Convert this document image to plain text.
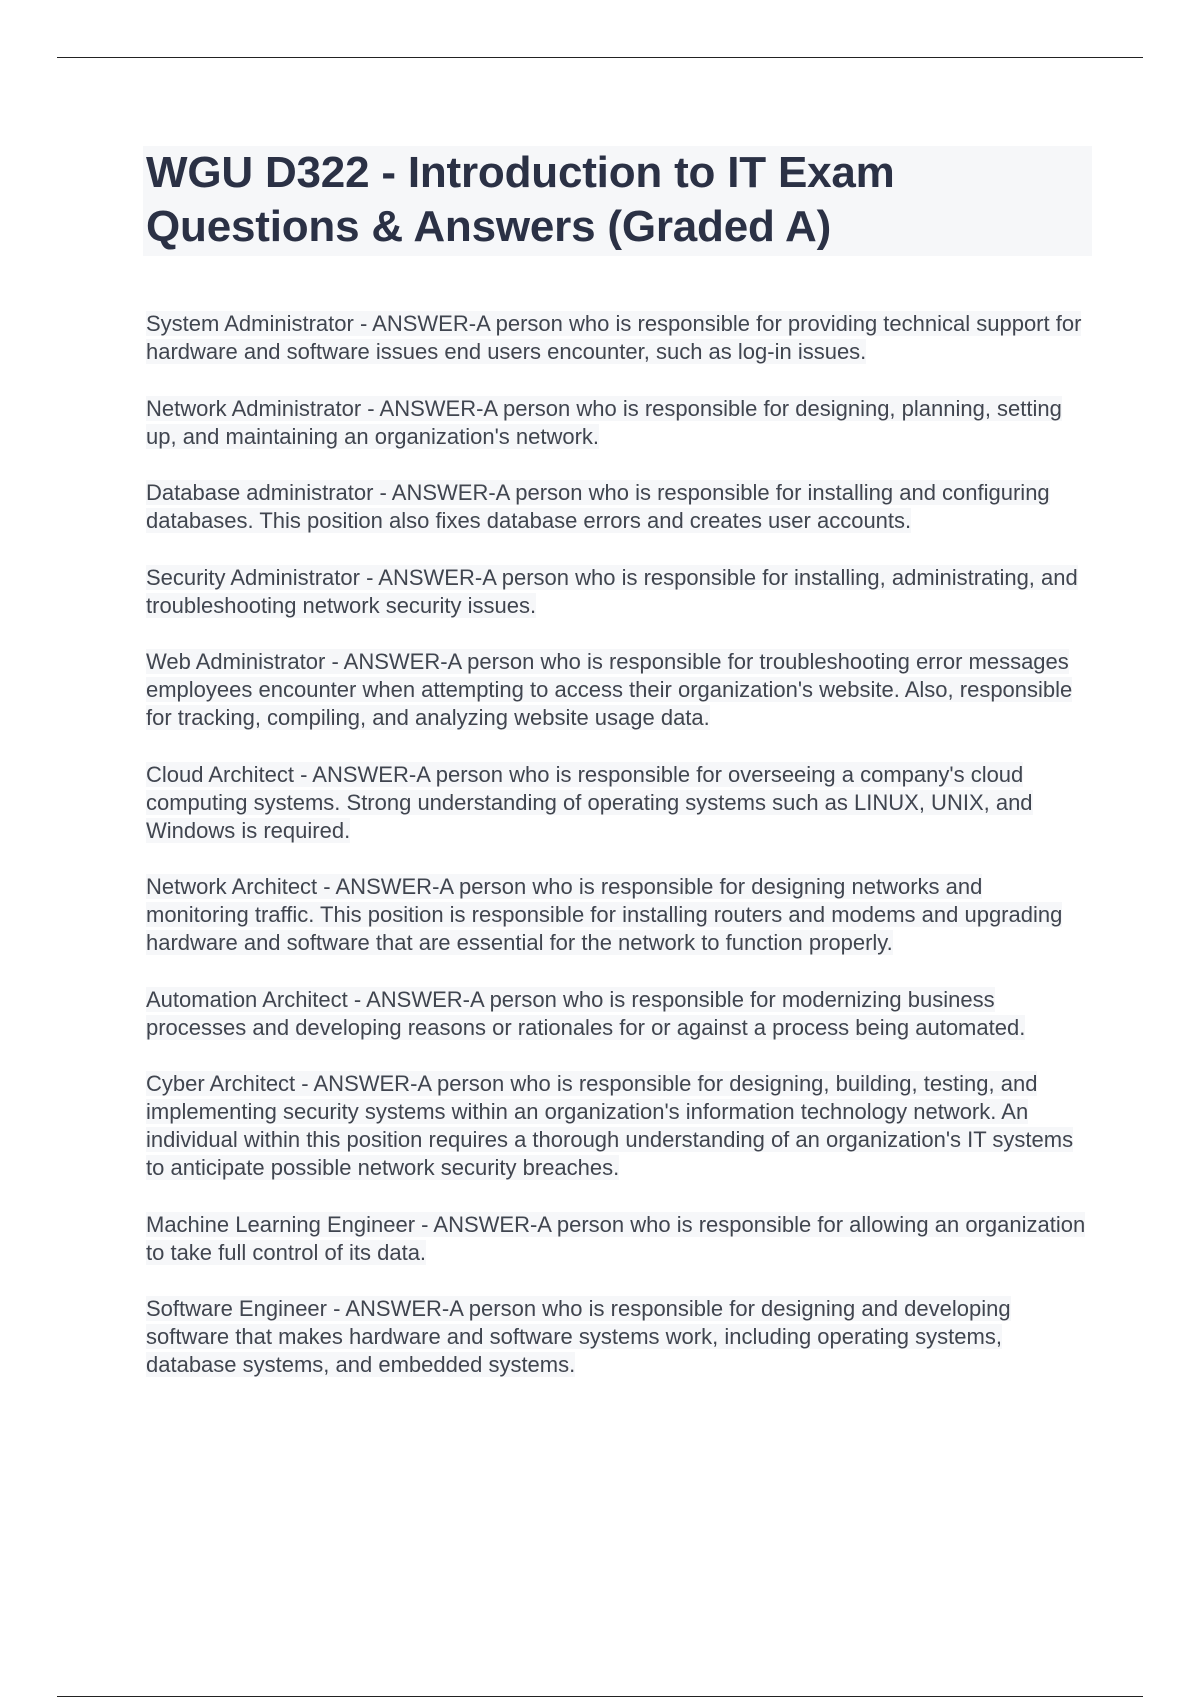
WGU D322 - Introduction to IT Exam
Questions & Answers (Graded A)

System Administrator - ANSWER-A person who is responsible for providing technical support for hardware and software issues end users encounter, such as log-in issues.

Network Administrator - ANSWER-A person who is responsible for designing, planning, setting up, and maintaining an organization's network.

Database administrator - ANSWER-A person who is responsible for installing and configuring databases. This position also fixes database errors and creates user accounts.

Security Administrator - ANSWER-A person who is responsible for installing, administrating, and troubleshooting network security issues.

Web Administrator - ANSWER-A person who is responsible for troubleshooting error messages employees encounter when attempting to access their organization's website. Also, responsible for tracking, compiling, and analyzing website usage data.

Cloud Architect - ANSWER-A person who is responsible for overseeing a company's cloud computing systems. Strong understanding of operating systems such as LINUX, UNIX, and Windows is required.

Network Architect - ANSWER-A person who is responsible for designing networks and monitoring traffic. This position is responsible for installing routers and modems and upgrading hardware and software that are essential for the network to function properly.

Automation Architect - ANSWER-A person who is responsible for modernizing business processes and developing reasons or rationales for or against a process being automated.

Cyber Architect - ANSWER-A person who is responsible for designing, building, testing, and implementing security systems within an organization's information technology network. An individual within this position requires a thorough understanding of an organization's IT systems to anticipate possible network security breaches.

Machine Learning Engineer - ANSWER-A person who is responsible for allowing an organization to take full control of its data.

Software Engineer - ANSWER-A person who is responsible for designing and developing software that makes hardware and software systems work, including operating systems, database systems, and embedded systems.
